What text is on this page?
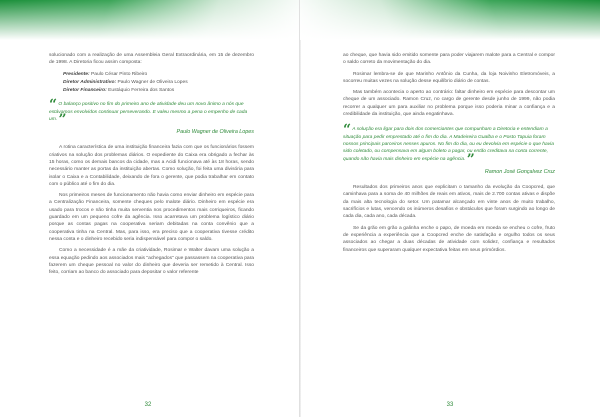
solucionado com a realização de uma Assembleia Geral Extraordinária, em 15 de dezembro de 1998. A Diretoria ficou assim composta:

Presidente: Paulo César Pinto Ribeiro
Diretor Administrativo: Paulo Wagner de Oliveira Lopes
Diretor Financeiro: Eustáquio Ferreira dos Santos
“ O balanço positivo no fim do primeiro ano de atividade deu um novo ânimo a nós que estávamos envolvidos continuar perseverando. E valeu mesmo a pena o empenho de cada um. ”
Paulo Wagner de Oliveira Lopes

A rotina característica de uma instituição financeira fazia com que os funcionários fossem criativos na solução dos problemas diários. O expediente do Caixa era obrigado a fechar às 15 horas, como os demais bancos da cidade, mas a Acidi funcionava até às 18 horas, sendo necessário manter as portas da instituição abertas. Como solução, foi feita uma divisória para isolar o Caixa e a Contabilidade, deixando de fora o gerente, que podia trabalhar em contato com o público até o fim do dia.

Nos primeiros meses de funcionamento não havia como enviar dinheiro em espécie para a Centralização Financeira, somente cheques pelo malote diário. Dinheiro em espécie era usado para trocos e não tinha muita serventia nos procedimentos mais corriqueiros, ficando guardado em um pequeno cofre da agência. Isso acarretava um problema logístico diário porque as contas pagas na cooperativa seriam debitadas na conta convênio que a cooperativa tinha na Central. Mas, para isso, era preciso que a cooperativa tivesse crédito nessa conta e o dinheiro recebido seria indispensável para compor o saldo.

Como a necessidade é a mãe da criatividade, Rosimar e Walter davam uma solução a essa equação pedindo aos associados mais "achegados" que passassem na cooperativa para fazerem um cheque pessoal no valor do dinheiro que deveria ser remetido à Central. Isso feito, corriam ao banco do associado para depositar o valor referente

32

ao cheque, que havia sido emitido somente para poder viajarem malote para a Central e compor o saldo correto da movimentação do dia.

Rosimar lembra-se de que Marinho Antônio da Cunha, da loja Noivinho Eletromóveis, a socorreu muitas vezes na solução desse equilíbrio diário de contas.

Mas também acontecia o aperto ao contrário: faltar dinheiro em espécie para descontar um cheque de um associado. Ramon Cruz, no cargo de gerente desde junho de 1999, não podia recorrer a qualquer um para auxiliar no problema porque isso poderia minar a confiança e a credibilidade da instituição, que ainda engatinhava.

“ A solução era ligar para dois dos comerciantes que compunham a Diretoria e entendiam a situação para pedir emprestado até o fim do dia. A Madeireira Gualba e o Posto Tapuia foram nossos principais parceiros nesses apuros. No fim do dia, ou eu devolvia em espécie o que havia sido coletado, ou compensava em algum boleto a pagar, ou então creditava na conta corrente, quando não havia mais dinheiro em espécie na agência. ”
Ramon José Gonçalvez Cruz

Resultados dos primeiros anos que explicitam o tamanho da evolução da Coopcred, que caminhava para a soma de 40 milhões de reais em ativos, mais de 2.700 contas ativas e dispõe da mais alta tecnologia do setor. Um patamar alcançado em vinte anos de muito trabalho, sacrifícios e lutas, vencendo os inúmeros desafios e obstáculos que foram surgindo ao longo de cada dia, cada ano, cada década.

Se da grão em grão a galinha enche o papo, de moeda em moeda se encheu o cofre, fruto de experiência a experiência que a Coopcred enche de satisfação e orgulho todos os seus associados ao chegar a duas décadas de atividade com solidez, confiança e resultados financeiros que superaram qualquer expectativa feitas em seus primórdios.

33
